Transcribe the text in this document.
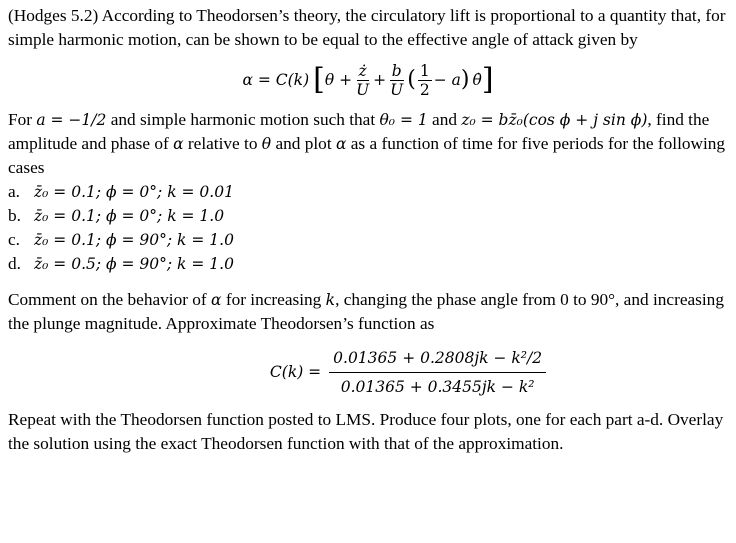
(Hodges 5.2) According to Theodorsen’s theory, the circulatory lift is proportional to a quantity that, for simple harmonic motion, can be shown to be equal to the effective angle of attack given by

α = C(k) [ $\theta + \frac{ż}{U} + \frac{b}{U}$ ( $\frac{1}{2} - a$ ) θ̇ ]

For a = −1/2 and simple harmonic motion such that θ₀ = 1 and z₀ = bz̄₀(cos ϕ + j sin ϕ), find the amplitude and phase of α relative to θ and plot α as a function of time for five periods for the following cases

a. z̄₀ = 0.1; ϕ = 0°; k = 0.01
b. z̄₀ = 0.1; ϕ = 0°; k = 1.0
c. z̄₀ = 0.1; ϕ = 90°; k = 1.0
d. z̄₀ = 0.5; ϕ = 90°; k = 1.0

Comment on the behavior of α for increasing k, changing the phase angle from 0 to 90°, and increasing the plunge magnitude. Approximate Theodorsen’s function as

$C(k) = \frac{\text{0.01365 + 0.2808jk − k²/2}}{\text{0.01365 + 0.3455jk − k²}}$

Repeat with the Theodorsen function posted to LMS. Produce four plots, one for each part a-d. Overlay the solution using the exact Theodorsen function with that of the approximation.
